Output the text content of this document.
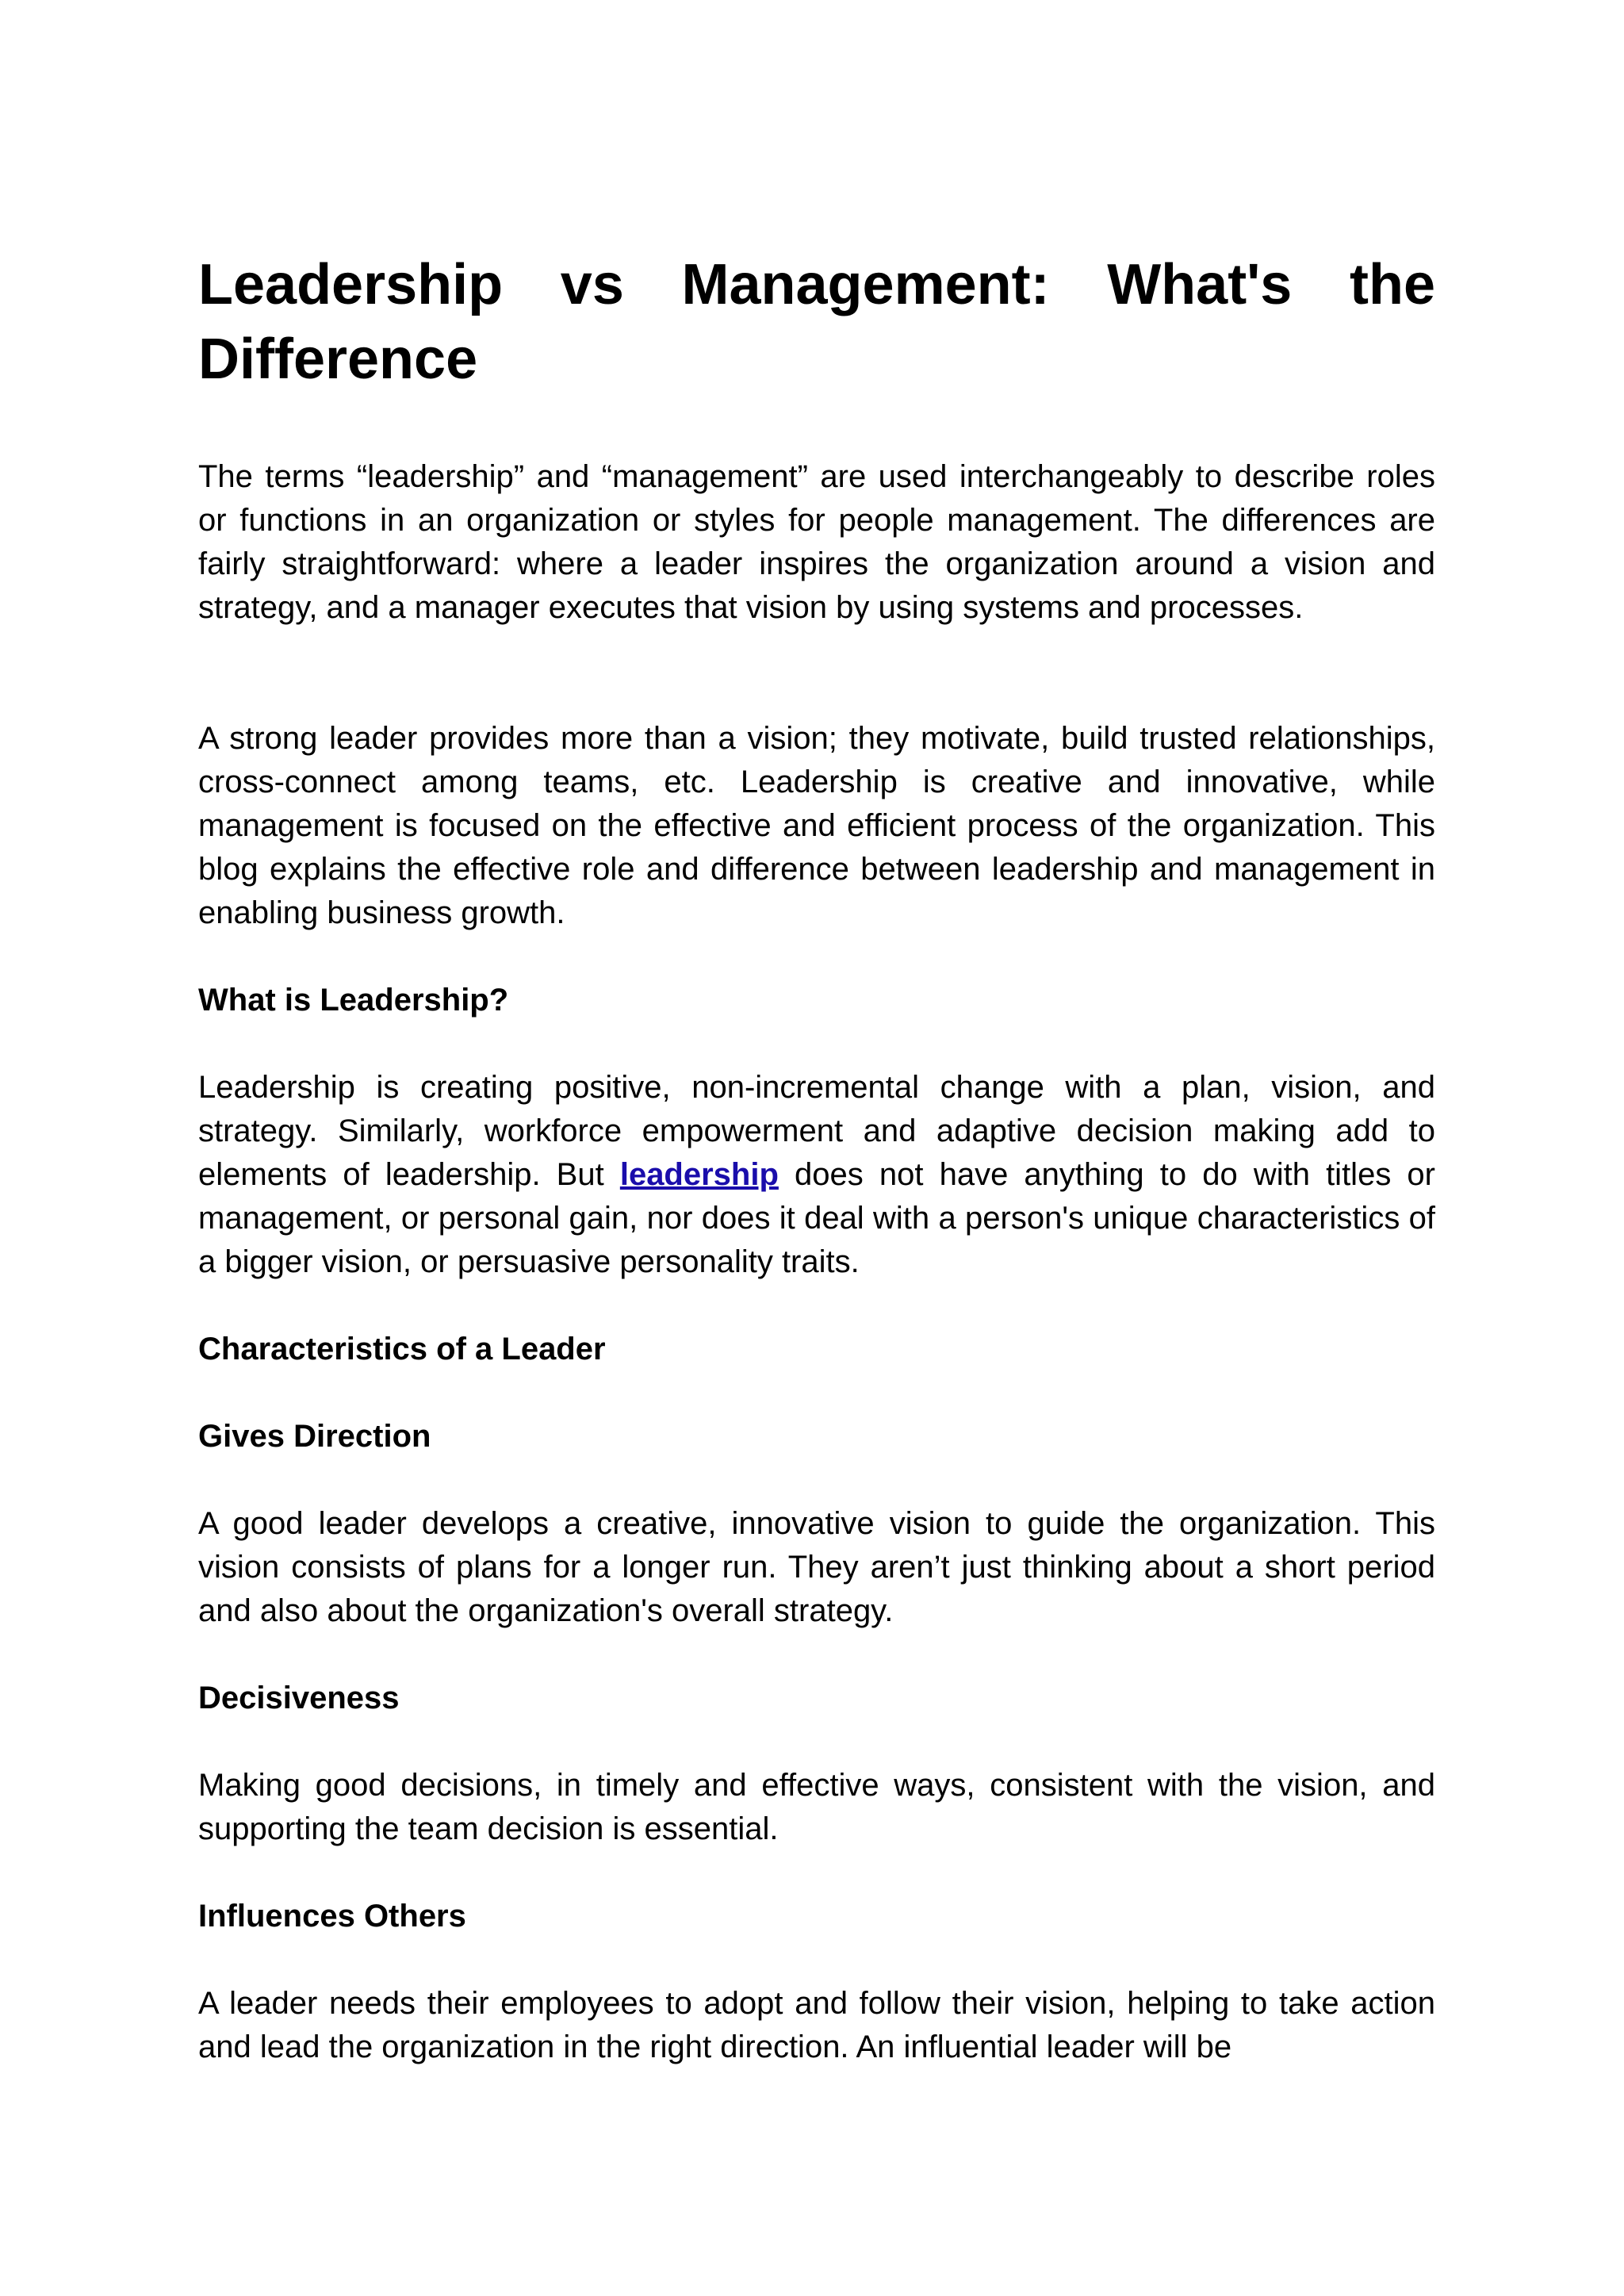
Leadership vs Management: What's the
Difference

The terms “leadership” and “management” are used interchangeably to describe roles or functions in an organization or styles for people management. The differences are fairly straightforward: where a leader inspires the organization around a vision and strategy, and a manager executes that vision by using systems and processes.

A strong leader provides more than a vision; they motivate, build trusted relationships, cross-connect among teams, etc. Leadership is creative and innovative, while management is focused on the effective and efficient process of the organization. This blog explains the effective role and difference between leadership and management in enabling business growth.

What is Leadership?

Leadership is creating positive, non-incremental change with a plan, vision, and strategy. Similarly, workforce empowerment and adaptive decision making add to elements of leadership. But leadership does not have anything to do with titles or management, or personal gain, nor does it deal with a person's unique characteristics of a bigger vision, or persuasive personality traits.

Characteristics of a Leader
Gives Direction

A good leader develops a creative, innovative vision to guide the organization. This vision consists of plans for a longer run. They aren’t just thinking about a short period and also about the organization's overall strategy.

Decisiveness

Making good decisions, in timely and effective ways, consistent with the vision, and supporting the team decision is essential.

Influences Others

A leader needs their employees to adopt and follow their vision, helping to take action and lead the organization in the right direction. An influential leader will be
